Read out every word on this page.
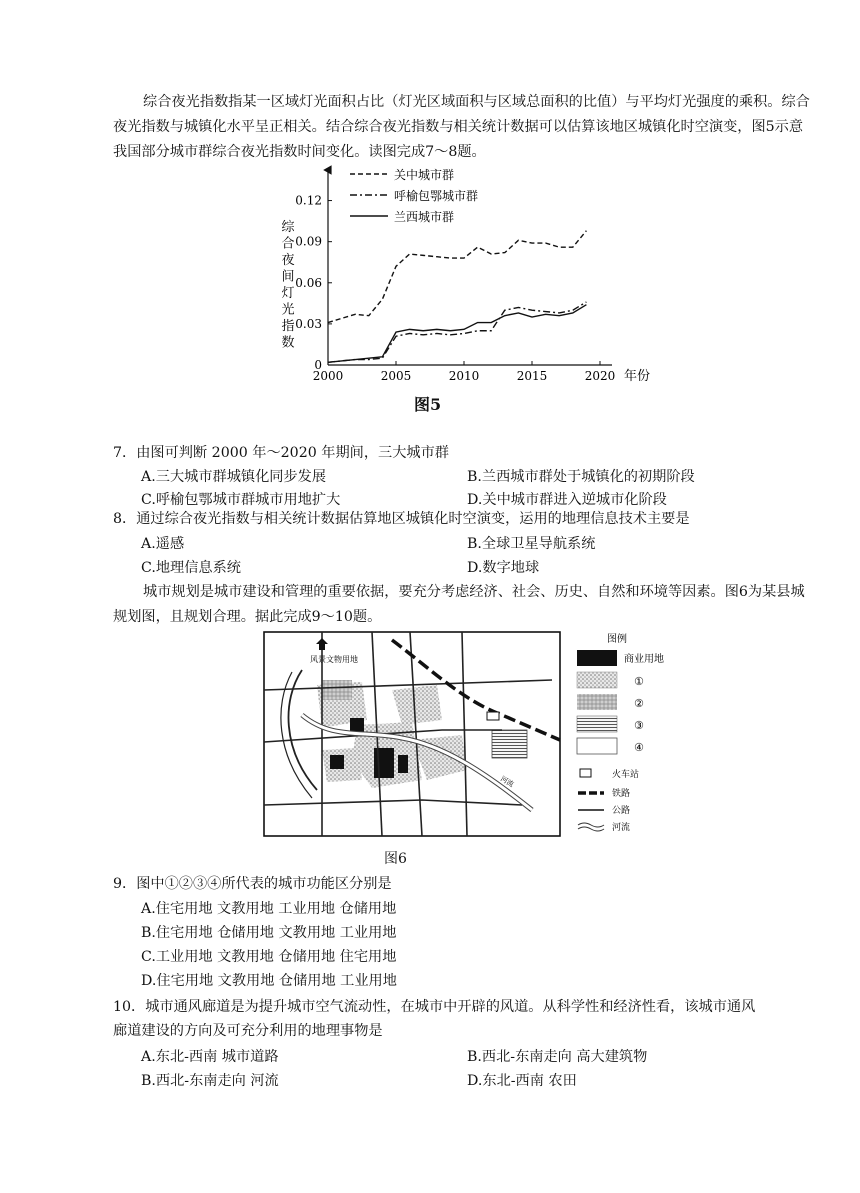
综合夜光指数指某一区域灯光面积占比（灯光区域面积与区域总面积的比值）与平均灯光强度的乘积。综合夜光指数与城镇化水平呈正相关。结合综合夜光指数与相关统计数据可以估算该地区城镇化时空演变，图5示意我国部分城市群综合夜光指数时间变化。读图完成7～8题。

0
0.03
0.06
0.09
0.12
2000	2005	2010	2015	2020 年份
综
合
夜
间
灯
光
指
数
关中城市群
呼榆包鄂城市群
兰西城市群
图5
7．由图可判断 2000 年～2020 年期间，三大城市群
A.三大城市群城镇化同步发展	B.兰西城市群处于城镇化的初期阶段
C.呼榆包鄂城市群城市用地扩大	D.关中城市群进入逆城市化阶段
8．通过综合夜光指数与相关统计数据估算地区城镇化时空演变，运用的地理信息技术主要是
A.遥感	B.全球卫星导航系统
C.地理信息系统	D.数字地球

城市规划是城市建设和管理的重要依据，要充分考虑经济、社会、历史、自然和环境等因素。图6为某县城规划图，且规划合理。据此完成9～10题。

河流
风景文物用地
图例
商业用地
①
②
③
④
火车站
铁路
公路
河流
图6
9．图中①②③④所代表的城市功能区分别是
A.住宅用地 文教用地 工业用地 仓储用地
B.住宅用地 仓储用地 文教用地 工业用地
C.工业用地 文教用地 仓储用地 住宅用地
D.住宅用地 文教用地 仓储用地 工业用地
10．城市通风廊道是为提升城市空气流动性，在城市中开辟的风道。从科学性和经济性看，该城市通风
廊道建设的方向及可充分利用的地理事物是
A.东北-西南 城市道路	B.西北-东南走向 高大建筑物
B.西北-东南走向 河流	D.东北-西南 农田
